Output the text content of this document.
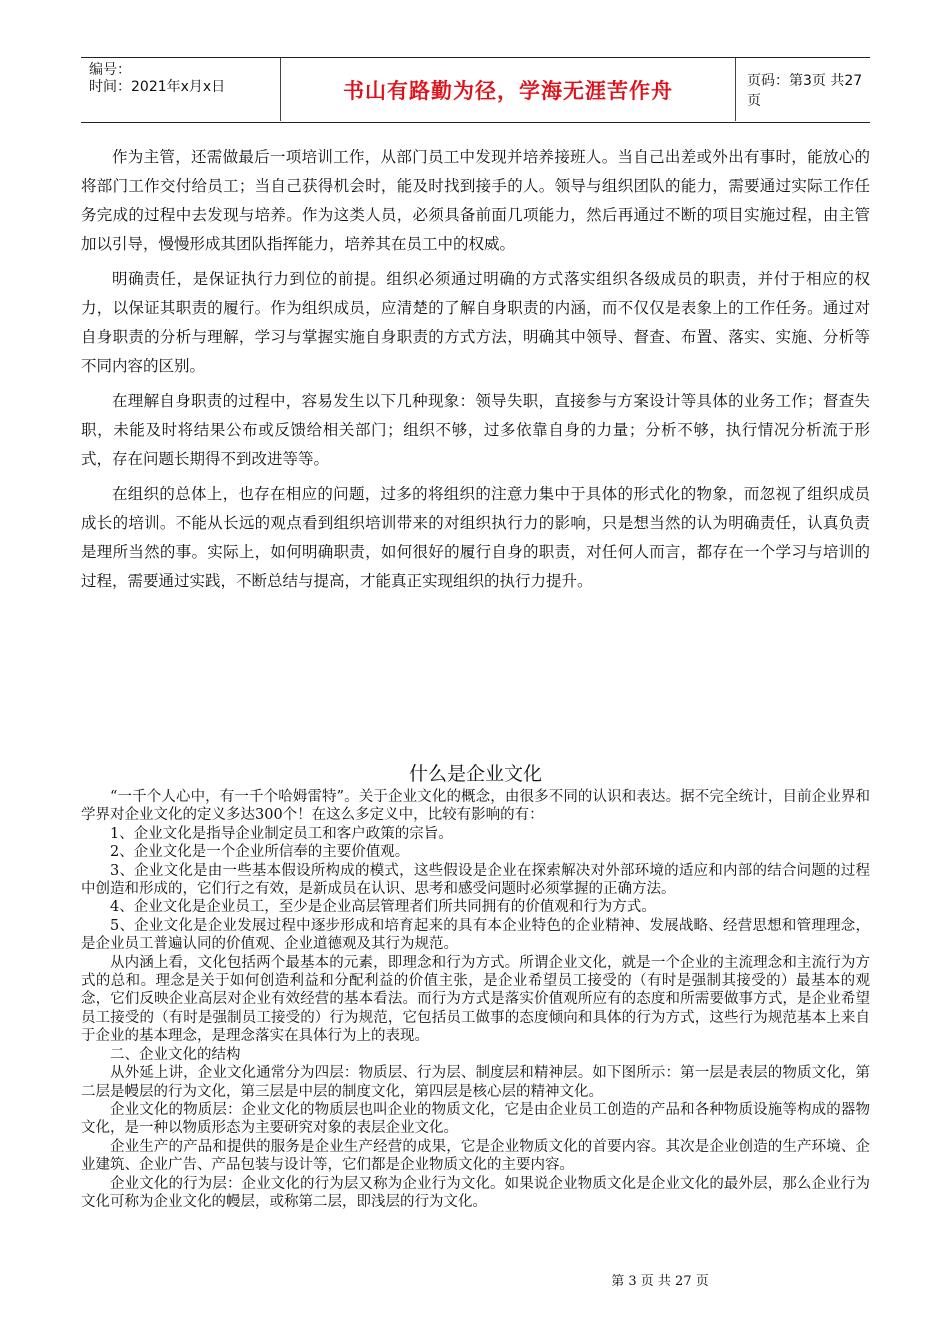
编号：
时间：2021年x月x日	书山有路勤为径，学海无涯苦作舟	页码：第3页 共27页

作为主管，还需做最后一项培训工作，从部门员工中发现并培养接班人。当自己出差或外出有事时，能放心的将部门工作交付给员工；当自己获得机会时，能及时找到接手的人。领导与组织团队的能力，需要通过实际工作任务完成的过程中去发现与培养。作为这类人员，必须具备前面几项能力，然后再通过不断的项目实施过程，由主管加以引导，慢慢形成其团队指挥能力，培养其在员工中的权威。

明确责任，是保证执行力到位的前提。组织必须通过明确的方式落实组织各级成员的职责，并付于相应的权力，以保证其职责的履行。作为组织成员，应清楚的了解自身职责的内涵，而不仅仅是表象上的工作任务。通过对自身职责的分析与理解，学习与掌握实施自身职责的方式方法，明确其中领导、督查、布置、落实、实施、分析等不同内容的区别。

在理解自身职责的过程中，容易发生以下几种现象：领导失职，直接参与方案设计等具体的业务工作；督查失职，未能及时将结果公布或反馈给相关部门；组织不够，过多依靠自身的力量；分析不够，执行情况分析流于形式，存在问题长期得不到改进等等。

在组织的总体上，也存在相应的问题，过多的将组织的注意力集中于具体的形式化的物象，而忽视了组织成员成长的培训。不能从长远的观点看到组织培训带来的对组织执行力的影响，只是想当然的认为明确责任，认真负责是理所当然的事。实际上，如何明确职责，如何很好的履行自身的职责，对任何人而言，都存在一个学习与培训的过程，需要通过实践，不断总结与提高，才能真正实现组织的执行力提升。

什么是企业文化

“一千个人心中，有一千个哈姆雷特”。关于企业文化的概念，由很多不同的认识和表达。据不完全统计，目前企业界和学界对企业文化的定义多达300个！在这么多定义中，比较有影响的有：

1、企业文化是指导企业制定员工和客户政策的宗旨。

2、企业文化是一个企业所信奉的主要价值观。

3、企业文化是由一些基本假设所构成的模式，这些假设是企业在探索解决对外部环境的适应和内部的结合问题的过程中创造和形成的，它们行之有效，是新成员在认识、思考和感受问题时必须掌握的正确方法。

4、企业文化是企业员工，至少是企业高层管理者们所共同拥有的价值观和行为方式。

5、企业文化是企业发展过程中逐步形成和培育起来的具有本企业特色的企业精神、发展战略、经营思想和管理理念，是企业员工普遍认同的价值观、企业道德观及其行为规范。

从内涵上看，文化包括两个最基本的元素，即理念和行为方式。所谓企业文化，就是一个企业的主流理念和主流行为方式的总和。理念是关于如何创造利益和分配利益的价值主张，是企业希望员工接受的（有时是强制其接受的）最基本的观念，它们反映企业高层对企业有效经营的基本看法。而行为方式是落实价值观所应有的态度和所需要做事方式，是企业希望员工接受的（有时是强制员工接受的）行为规范，它包括员工做事的态度倾向和具体的行为方式，这些行为规范基本上来自于企业的基本理念，是理念落实在具体行为上的表现。

二、企业文化的结构

从外延上讲，企业文化通常分为四层：物质层、行为层、制度层和精神层。如下图所示：第一层是表层的物质文化，第二层是幔层的行为文化，第三层是中层的制度文化，第四层是核心层的精神文化。

企业文化的物质层：企业文化的物质层也叫企业的物质文化，它是由企业员工创造的产品和各种物质设施等构成的器物文化，是一种以物质形态为主要研究对象的表层企业文化。

企业生产的产品和提供的服务是企业生产经营的成果，它是企业物质文化的首要内容。其次是企业创造的生产环境、企业建筑、企业广告、产品包装与设计等，它们都是企业物质文化的主要内容。

企业文化的行为层：企业文化的行为层又称为企业行为文化。如果说企业物质文化是企业文化的最外层，那么企业行为文化可称为企业文化的幔层，或称第二层，即浅层的行为文化。

第 3 页 共 27 页
